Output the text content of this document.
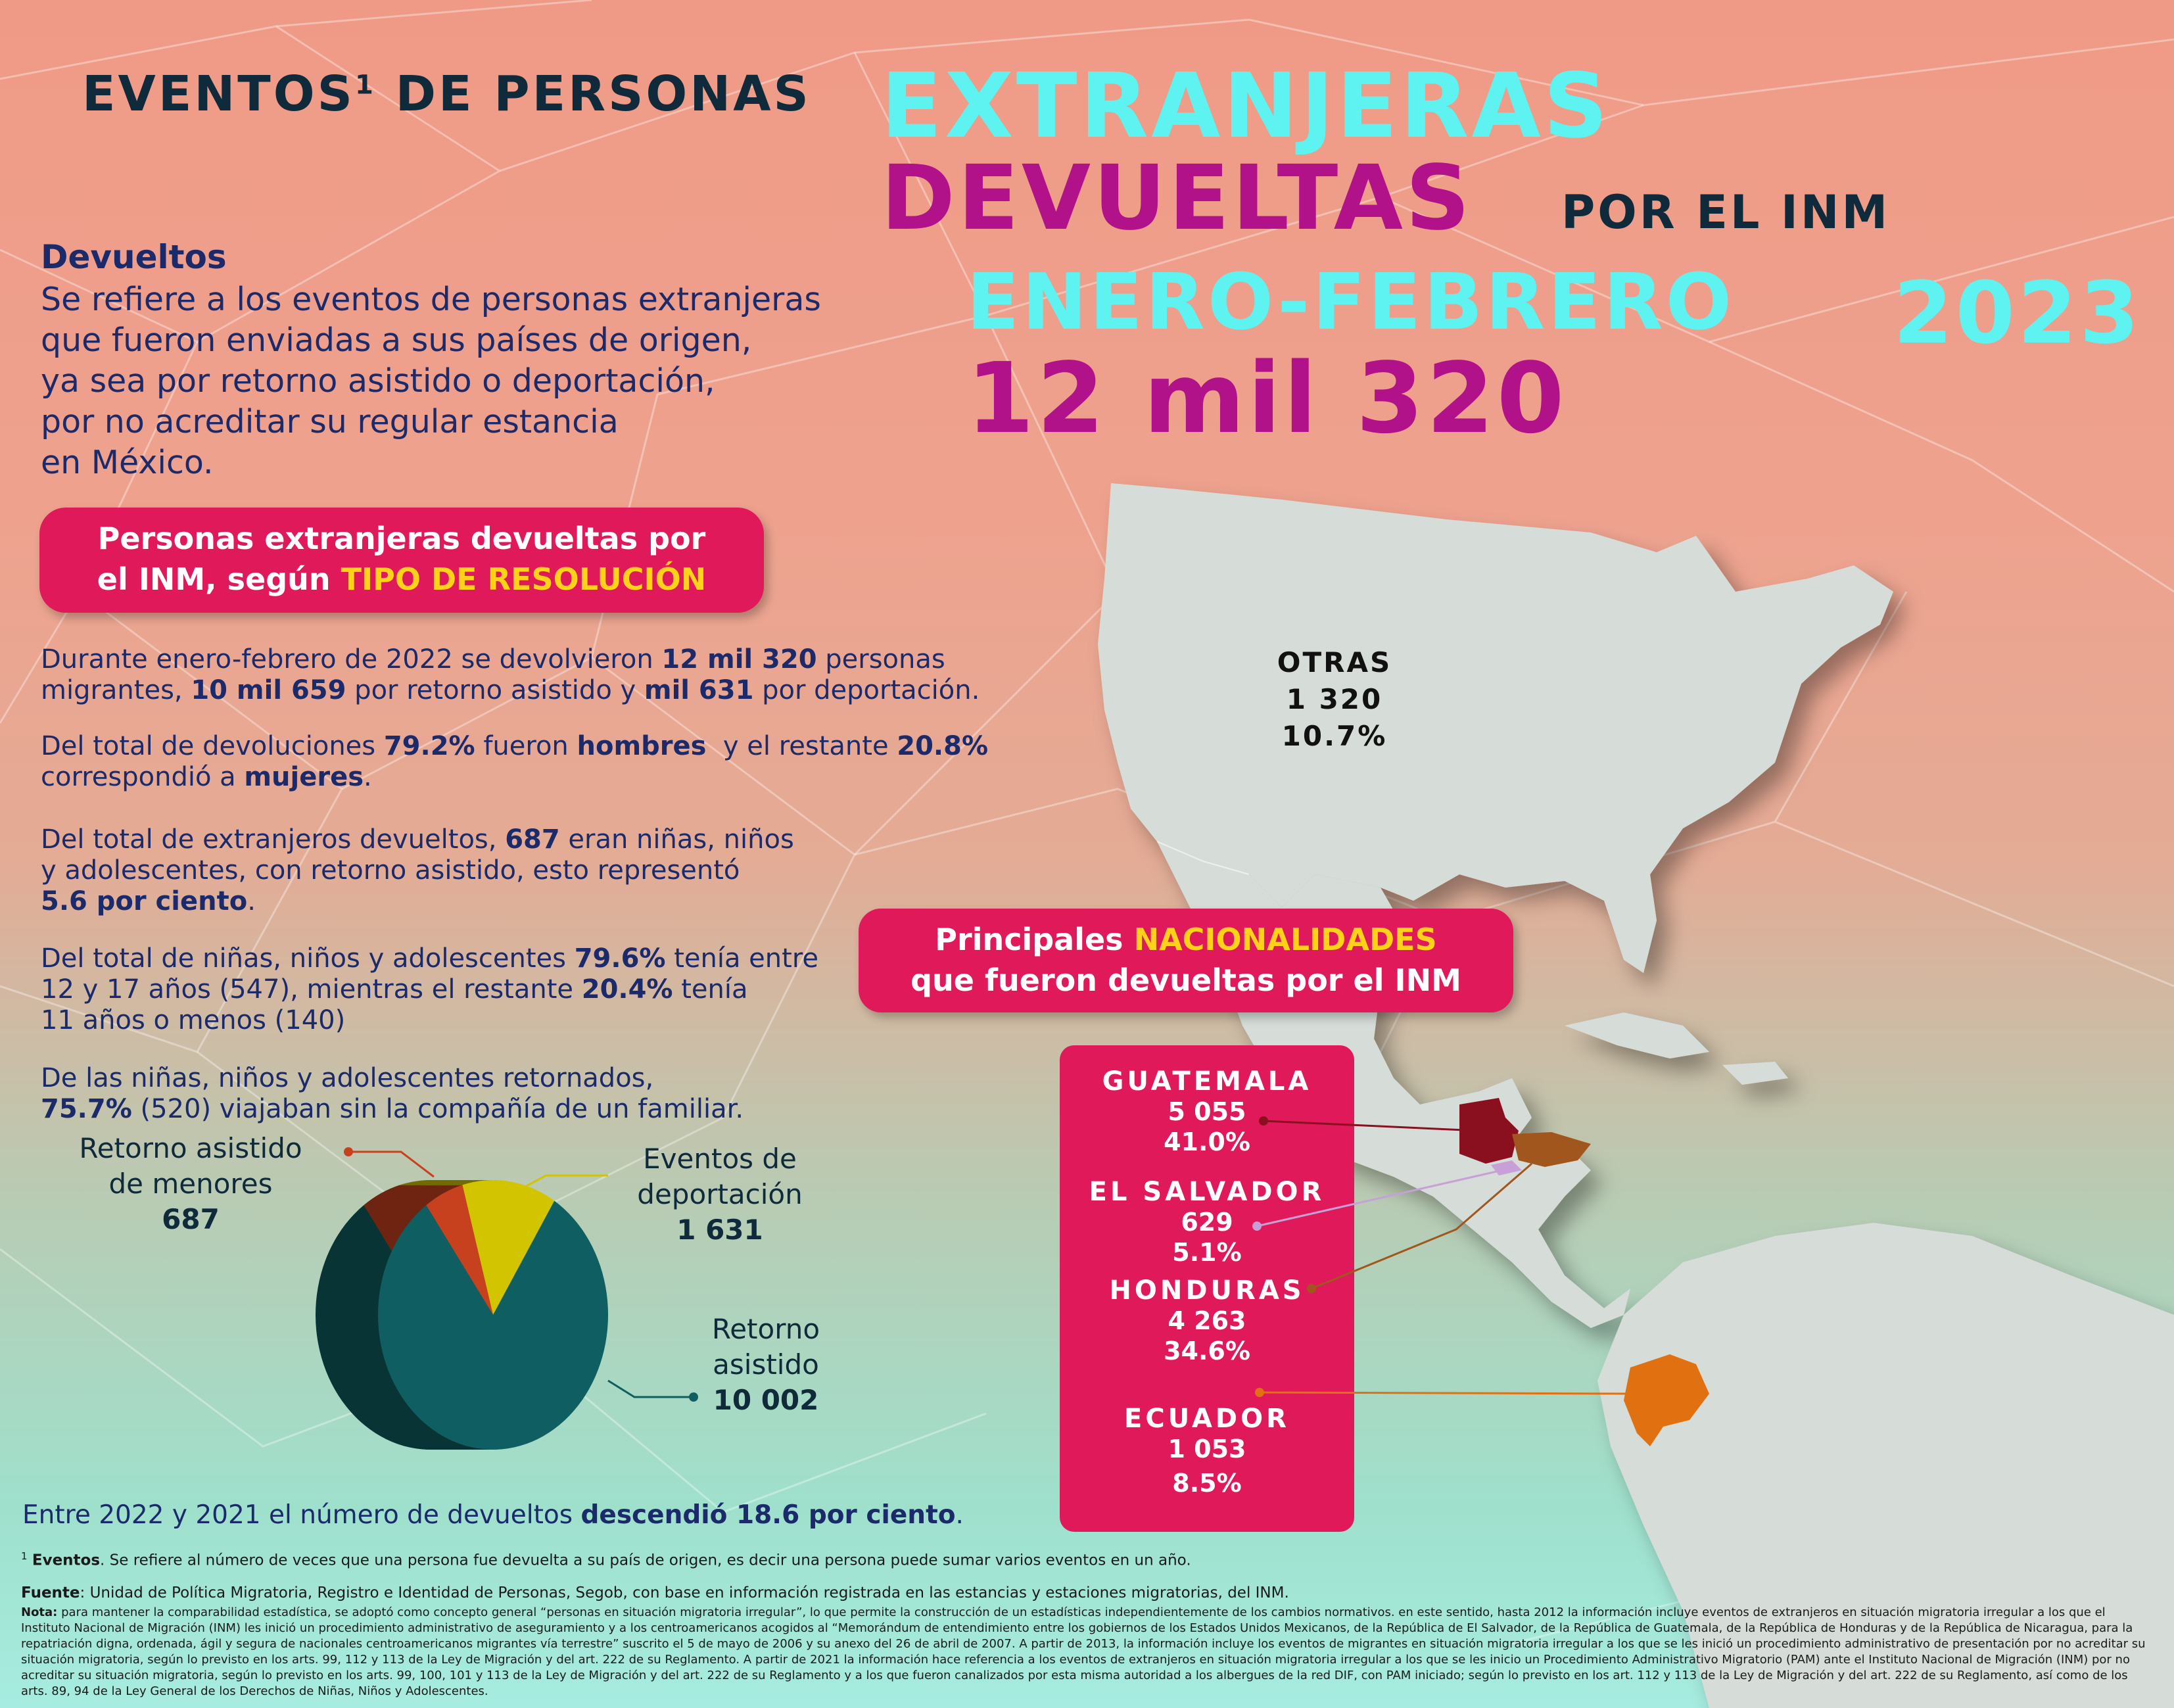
EVENTOS$^1$ DE PERSONAS EXTRANJERAS
DEVUELTAS POR EL INM
ENERO-FEBRERO 2023
12 mil 320
Devueltos
Se refiere a los eventos de personas extranjeras
que fueron enviadas a sus países de origen,
ya sea por retorno asistido o deportación,
por no acreditar su regular estancia
en México.
Personas extranjeras devueltas por
el INM, según TIPO DE RESOLUCIÓN
Durante enero-febrero de 2022 se devolvieron 12 mil 320 personas
migrantes, 10 mil 659 por retorno asistido y mil 631 por deportación.
Del total de devoluciones 79.2% fueron hombres  y el restante 20.8%
correspondió a mujeres.
Del total de extranjeros devueltos, 687 eran niñas, niños
y adolescentes, con retorno asistido, esto representó
5.6 por ciento.
Del total de niñas, niños y adolescentes 79.6% tenía entre
12 y 17 años (547), mientras el restante 20.4% tenía
11 años o menos (140)
De las niñas, niños y adolescentes retornados,
75.7% (520) viajaban sin la compañía de un familiar.
Retorno asistido
de menores
687
Eventos de
deportación
1 631
Retorno
asistido
10 002
Principales NACIONALIDADES
que fueron devueltas por el INM
GUATEMALA
5 055
41.0%
EL SALVADOR
629
5.1%
HONDURAS
4 263
34.6%
ECUADOR
1 053
8.5%
OTRAS
1 320
10.7%
Entre 2022 y 2021 el número de devueltos descendió 18.6 por ciento.
$^1$ Eventos. Se refiere al número de veces que una persona fue devuelta a su país de origen, es decir una persona puede sumar varios eventos en un año.
Fuente: Unidad de Política Migratoria, Registro e Identidad de Personas, Segob, con base en información registrada en las estancias y estaciones migratorias, del INM.
Nota: para mantener la comparabilidad estadística, se adoptó como concepto general “personas en situación migratoria irregular”, lo que permite la construcción de un estadísticas independientemente de los cambios normativos. en este sentido, hasta 2012 la información incluye eventos de extranjeros en situación migratoria irregular a los que el Instituto Nacional de Migración (INM) les inició un procedimiento administrativo de aseguramiento y a los centroamericanos acogidos al “Memorándum de entendimiento entre los gobiernos de los Estados Unidos Mexicanos, de la República de El Salvador, de la República de Guatemala, de la República de Honduras y de la República de Nicaragua, para la repatriación digna, ordenada, ágil y segura de nacionales centroamericanos migrantes vía terrestre” suscrito el 5 de mayo de 2006 y su anexo del 26 de abril de 2007. A partir de 2013, la información incluye los eventos de migrantes en situación migratoria irregular a los que se les inició un procedimiento administrativo de presentación por no acreditar su situación migratoria, según lo previsto en los arts. 99, 112 y 113 de la Ley de Migración y del art. 222 de su Reglamento. A partir de 2021 la información hace referencia a los eventos de extranjeros en situación migratoria irregular a los que se les inicio un Procedimiento Administrativo Migratorio (PAM) ante el Instituto Nacional de Migración (INM) por no acreditar su situación migratoria, según lo previsto en los arts. 99, 100, 101 y 113 de la Ley de Migración y del art. 222 de su Reglamento y a los que fueron canalizados por esta misma autoridad a los albergues de la red DIF, con PAM iniciado; según lo previsto en los art. 112 y 113 de la Ley de Migración y del art. 222 de su Reglamento, así como de los arts. 89, 94 de la Ley General de los Derechos de Niñas, Niños y Adolescentes.
